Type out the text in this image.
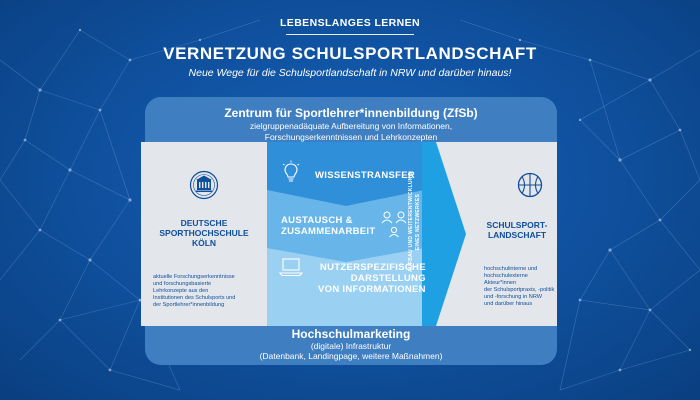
LEBENSLANGES LERNEN
VERNETZUNG SCHULSPORTLANDSCHAFT
Neue Wege für die Schulsportlandschaft in NRW und darüber hinaus!
Zentrum für Sportlehrer*innenbildung (ZfSb)
zielgruppenadäquate Aufbereitung von Informationen,
Forschungserkenntnissen und Lehrkonzepten
DEUTSCHE
SPORTHOCHSCHULE
KÖLN
aktuelle Forschungserkenntnisse
und forschungsbasierte
Lehrkonzepte aus den
Institutionen des Schulsports und
der Sportlehrer*innenbildung
SCHULSPORT-
LANDSCHAFT
hochschulinterne und
hochschulexterne Akteur*innen
der Schulsportpraxis, -politik
und -forschung in NRW
und darüber hinaus
WISSENSTRANSFER
AUSTAUSCH &
ZUSAMMENARBEIT
NUTZERSPEZIFISCHE
DARSTELLUNG
VON INFORMATIONEN
AUFBAU UND WEITERENTWICKLUNG EINES NETZWERKES
Hochschulmarketing
(digitale) Infrastruktur
(Datenbank, Landingpage, weitere Maßnahmen)
